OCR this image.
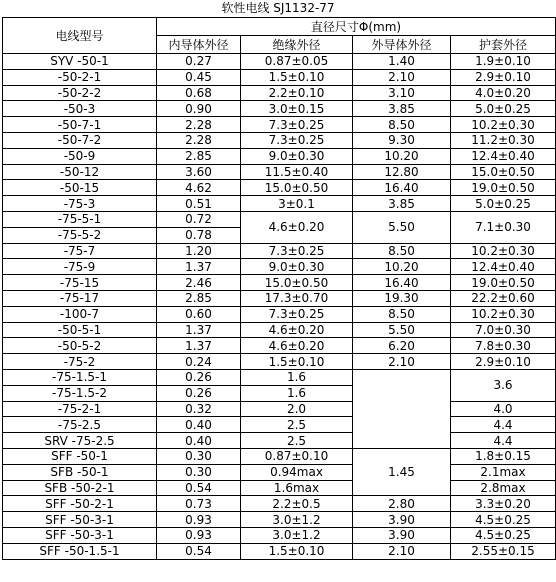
软性电线 SJ1132-77
电线型号	直径尺寸Φ(mm)			
	内导体外径	绝缘外径	外导体外径	护套外径
SYV -50-1	0.27	0.87±0.05	1.40	1.9±0.10
-50-2-1	0.45	1.5±0.10	2.10	2.9±0.10
-50-2-2	0.68	2.2±0.10	3.10	4.0±0.20
-50-3	0.90	3.0±0.15	3.85	5.0±0.25
-50-7-1	2.28	7.3±0.25	8.50	10.2±0.30
-50-7-2	2.28	7.3±0.25	9.30	11.2±0.30
-50-9	2.85	9.0±0.30	10.20	12.4±0.40
-50-12	3.60	11.5±0.40	12.80	15.0±0.50
-50-15	4.62	15.0±0.50	16.40	19.0±0.50
-75-3	0.51	3±0.1	3.85	5.0±0.25
-75-5-1	0.72	4.6±0.20	5.50	7.1±0.30
-75-5-2	0.78			
-75-7	1.20	7.3±0.25	8.50	10.2±0.30
-75-9	1.37	9.0±0.30	10.20	12.4±0.40
-75-15	2.46	15.0±0.50	16.40	19.0±0.50
-75-17	2.85	17.3±0.70	19.30	22.2±0.60
-100-7	0.60	7.3±0.25	8.50	10.2±0.30
-50-5-1	1.37	4.6±0.20	5.50	7.0±0.30
-50-5-2	1.37	4.6±0.20	6.20	7.8±0.30
-75-2	0.24	1.5±0.10	2.10	2.9±0.10
-75-1.5-1	0.26	1.6		3.6
-75-1.5-2	0.26	1.6		
-75-2-1	0.32	2.0		4.0
-75-2.5	0.40	2.5		4.4
SRV -75-2.5	0.40	2.5		4.4
SFF -50-1	0.30	0.87±0.10	1.45	1.8±0.15
SFB -50-1	0.30	0.94max		2.1max
SFB -50-2-1	0.54	1.6max		2.8max
SFF -50-2-1	0.73	2.2±0.5	2.80	3.3±0.20
SFF -50-3-1	0.93	3.0±1.2	3.90	4.5±0.25
SFF -50-3-1	0.93	3.0±1.2	3.90	4.5±0.25
SFF -50-1.5-1	0.54	1.5±0.10	2.10	2.55±0.15
